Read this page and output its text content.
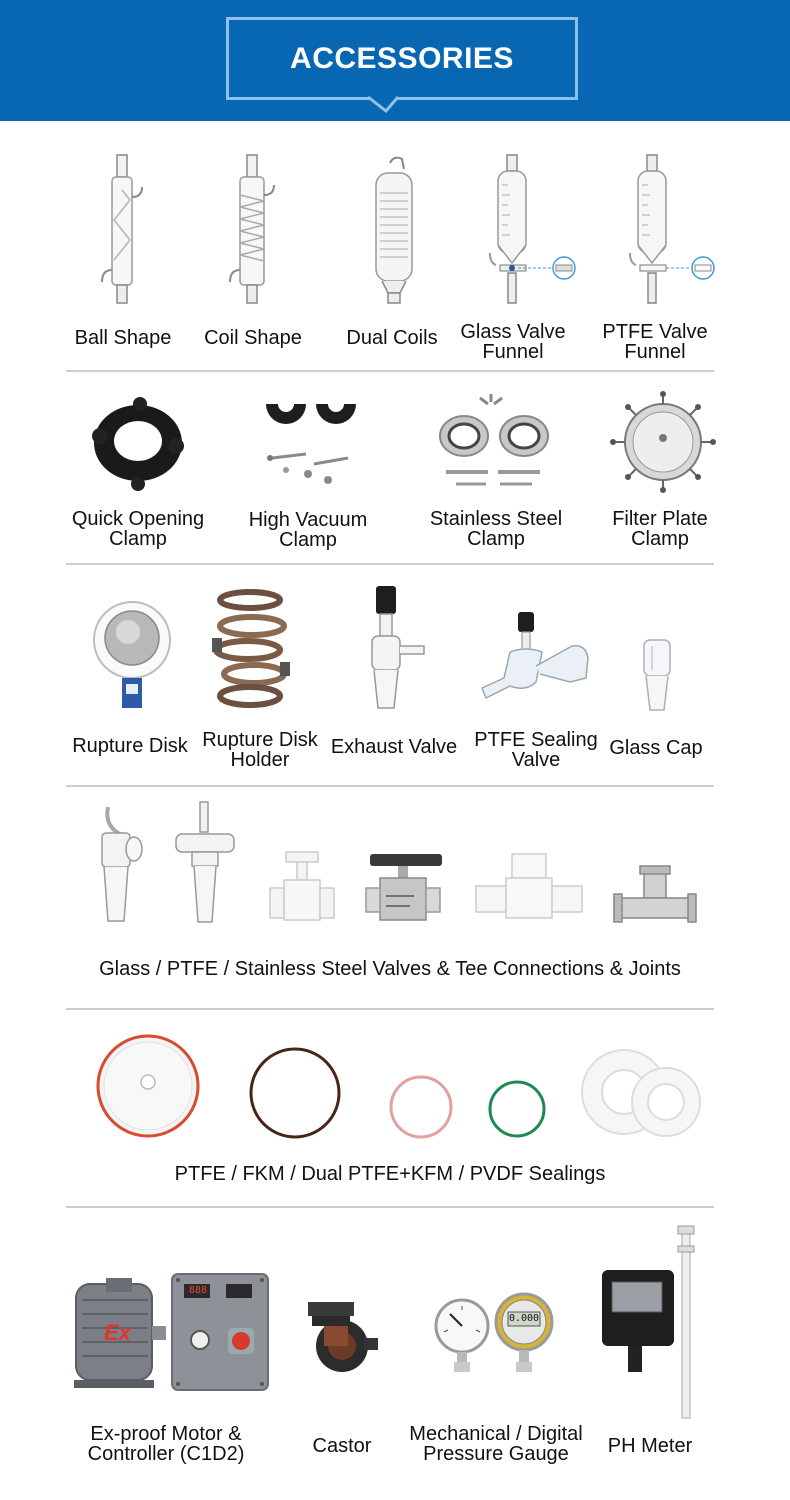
ACCESSORIES
Ball Shape	Coil Shape	Dual Coils	Glass Valve
Funnel
PTFE Valve
Funnel
Quick Opening
Clamp
High Vacuum
Clamp
Stainless Steel
Clamp
Filter Plate
Clamp
Rupture Disk Rupture Disk
Holder
Exhaust Valve PTFE Sealing
Valve
Glass Cap
Glass / PTFE / Stainless Steel Valves & Tee Connections & Joints
PTFE / FKM / Dual PTFE+KFM / PVDF Sealings
Ex
888
Ex-proof Motor &
Controller (C1D2)	Castor
0.000
Mechanical / Digital
Pressure Gauge	PH Meter
